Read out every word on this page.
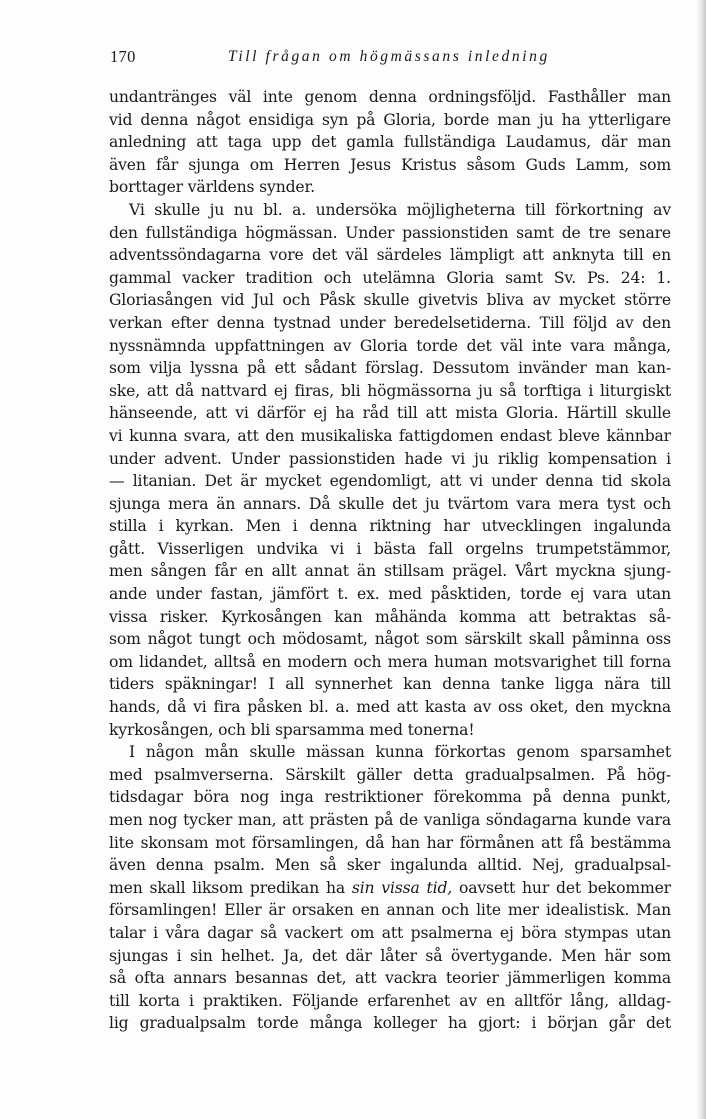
170	Till frågan om högmässans inledning
undantränges väl inte genom denna ordningsföljd. Fasthåller man
vid denna något ensidiga syn på Gloria, borde man ju ha ytterligare
anledning att taga upp det gamla fullständiga Laudamus, där man
även får sjunga om Herren Jesus Kristus såsom Guds Lamm, som
borttager världens synder.
Vi skulle ju nu bl. a. undersöka möjligheterna till förkortning av
den fullständiga högmässan. Under passionstiden samt de tre senare
adventssöndagarna vore det väl särdeles lämpligt att anknyta till en
gammal vacker tradition och utelämna Gloria samt Sv. Ps. 24: 1.
Gloriasången vid Jul och Påsk skulle givetvis bliva av mycket större
verkan efter denna tystnad under beredelsetiderna. Till följd av den
nyssnämnda uppfattningen av Gloria torde det väl inte vara många,
som vilja lyssna på ett sådant förslag. Dessutom invänder man kan-
ske, att då nattvard ej firas, bli högmässorna ju så torftiga i liturgiskt
hänseende, att vi därför ej ha råd till att mista Gloria. Härtill skulle
vi kunna svara, att den musikaliska fattigdomen endast bleve kännbar
under advent. Under passionstiden hade vi ju riklig kompensation i
— litanian. Det är mycket egendomligt, att vi under denna tid skola
sjunga mera än annars. Då skulle det ju tvärtom vara mera tyst och
stilla i kyrkan. Men i denna riktning har utvecklingen ingalunda
gått. Visserligen undvika vi i bästa fall orgelns trumpetstämmor,
men sången får en allt annat än stillsam prägel. Vårt myckna sjung-
ande under fastan, jämfört t. ex. med påsktiden, torde ej vara utan
vissa risker. Kyrkosången kan måhända komma att betraktas så-
som något tungt och mödosamt, något som särskilt skall påminna oss
om lidandet, alltså en modern och mera human motsvarighet till forna
tiders späkningar! I all synnerhet kan denna tanke ligga nära till
hands, då vi fira påsken bl. a. med att kasta av oss oket, den myckna
kyrkosången, och bli sparsamma med tonerna!
I någon mån skulle mässan kunna förkortas genom sparsamhet
med psalmverserna. Särskilt gäller detta gradualpsalmen. På hög-
tidsdagar böra nog inga restriktioner förekomma på denna punkt,
men nog tycker man, att prästen på de vanliga söndagarna kunde vara
lite skonsam mot församlingen, då han har förmånen att få bestämma
även denna psalm. Men så sker ingalunda alltid. Nej, gradualpsal-
men skall liksom predikan ha sin vissa tid, oavsett hur det bekommer
församlingen! Eller är orsaken en annan och lite mer idealistisk. Man
talar i våra dagar så vackert om att psalmerna ej böra stympas utan
sjungas i sin helhet. Ja, det där låter så övertygande. Men här som
så ofta annars besannas det, att vackra teorier jämmerligen komma
till korta i praktiken. Följande erfarenhet av en alltför lång, alldag-
lig gradualpsalm torde många kolleger ha gjort: i början går det
